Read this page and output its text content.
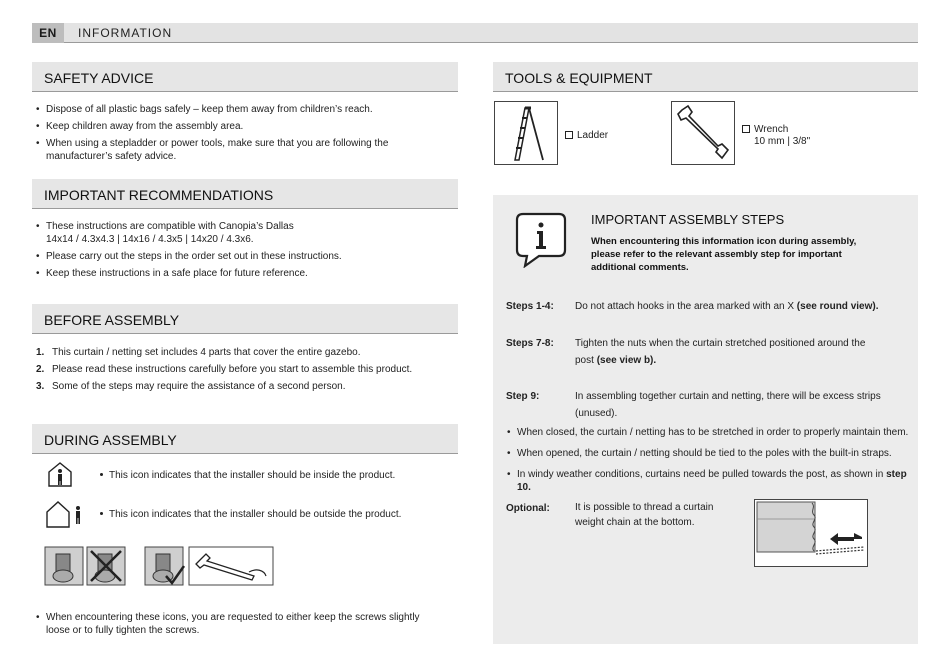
EN	INFORMATION
SAFETY ADVICE
• Dispose of all plastic bags safely – keep them away from children’s reach.
• Keep children away from the assembly area.
• When using a stepladder or power tools, make sure that you are following the manufacturer’s safety advice.
IMPORTANT RECOMMENDATIONS
• These instructions are compatible with Canopia’s Dallas 14x14 / 4.3x4.3 | 14x16 / 4.3x5 | 14x20 / 4.3x6.
• Please carry out the steps in the order set out in these instructions.
• Keep these instructions in a safe place for future reference.
BEFORE ASSEMBLY
1. This curtain / netting set includes 4 parts that cover the entire gazebo.
2. Please read these instructions carefully before you start to assemble this product.
3. Some of the steps may require the assistance of a second person.
DURING ASSEMBLY
This icon indicates that the installer should be inside the product.
This icon indicates that the installer should be outside the product.
• When encountering these icons, you are requested to either keep the screws slightly loose or to fully tighten the screws.
TOOLS & EQUIPMENT
Ladder
Wrench
10 mm | 3/8"
IMPORTANT ASSEMBLY STEPS
When encountering this information icon during assembly, please refer to the relevant assembly step for important additional comments.
Steps 1-4: Do not attach hooks in the area marked with an X (see round view).
Steps 7-8: Tighten the nuts when the curtain stretched positioned around the post (see view b).
Step 9:	In assembling together curtain and netting, there will be excess strips (unused).
• When closed, the curtain / netting has to be stretched in order to properly maintain them.
• When opened, the curtain / netting should be tied to the poles with the built-in straps.
• In windy weather conditions, curtains need be pulled towards the post, as shown in step 10.
Optional:	It is possible to thread a curtain weight chain at the bottom.
